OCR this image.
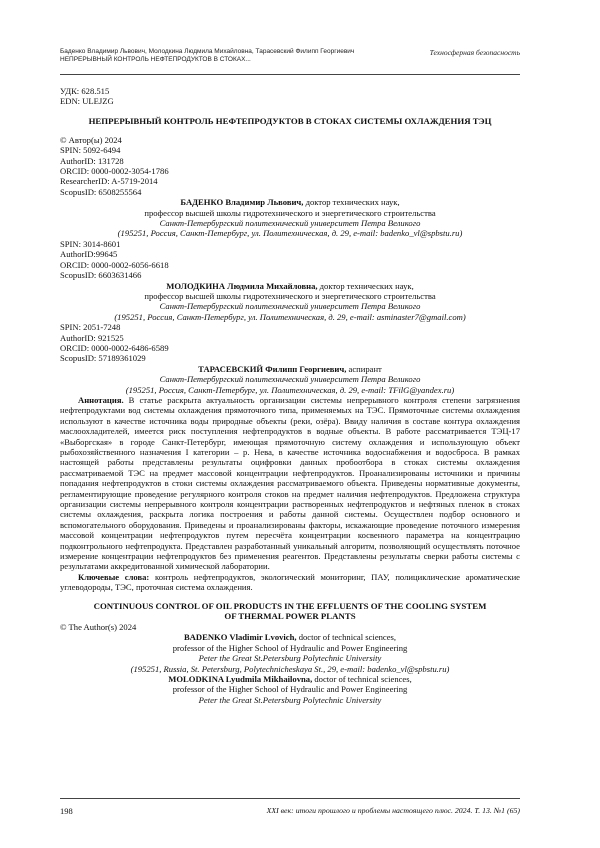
Баденко Владимир Львович, Молодкина Людмила Михайловна, Тарасевский Филипп Георгиевич
НЕПРЕРЫВНЫЙ КОНТРОЛЬ НЕФТЕПРОДУКТОВ В СТОКАХ...
Техносферная безопасность

УДК: 628.515

EDN: ULEJZG

НЕПРЕРЫВНЫЙ КОНТРОЛЬ НЕФТЕПРОДУКТОВ В СТОКАХ СИСТЕМЫ ОХЛАЖДЕНИЯ ТЭЦ

© Автор(ы) 2024

SPIN: 5092-6494

AuthorID: 131728

ORCID: 0000-0002-3054-1786

ResearcherID: A-5719-2014

ScopusID: 6508255564

БАДЕНКО Владимир Львович, доктор технических наук,

профессор высшей школы гидротехнического и энергетического строительства

Санкт-Петербургский политехнический университет Петра Великого

(195251, Россия, Санкт-Петербург, ул. Политехническая, д. 29, e-mail: badenko_vl@spbstu.ru)

SPIN: 3014-8601

AuthorID:99645

ORCID: 0000-0002-6056-6618

ScopusID: 6603631466

МОЛОДКИНА Людмила Михайловна, доктор технических наук,

профессор высшей школы гидротехнического и энергетического строительства

Санкт-Петербургский политехнический университет Петра Великого

(195251, Россия, Санкт-Петербург, ул. Политехническая, д. 29, e-mail: asminaster7@gmail.com)

SPIN: 2051-7248

AuthorID: 921525

ORCID: 0000-0002-6486-6589

ScopusID: 57189361029

ТАРАСЕВСКИЙ Филипп Георгиевич, аспирант

Санкт-Петербургский политехнический университет Петра Великого

(195251, Россия, Санкт-Петербург, ул. Политехническая, д. 29, e-mail: TFilG@yandex.ru)

Аннотация. В статье раскрыта актуальность организации системы непрерывного контроля степени загрязнения нефтепродуктами вод системы охлаждения прямоточного типа, применяемых на ТЭС. Прямоточные системы охлаждения используют в качестве источника воды природные объекты (реки, озёра). Ввиду наличия в составе контура охлаждения маслоохладителей, имеется риск поступления нефтепродуктов в водные объекты. В работе рассматривается ТЭЦ-17 «Выборгская» в городе Санкт-Петербург, имеющая прямоточную систему охлаждения и использующую объект рыбохозяйственного назначения I категории – р. Нева, в качестве источника водоснабжения и водосброса. В рамках настоящей работы представлены результаты оцифровки данных пробоотбора в стоках системы охлаждения рассматриваемой ТЭС на предмет массовой концентрации нефтепродуктов. Проанализированы источники и причины попадания нефтепродуктов в стоки системы охлаждения рассматриваемого объекта. Приведены нормативные документы, регламентирующие проведение регулярного контроля стоков на предмет наличия нефтепродуктов. Предложена структура организации системы непрерывного контроля концентрации растворенных нефтепродуктов и нефтяных пленок в стоках системы охлаждения, раскрыта логика построения и работы данной системы. Осуществлен подбор основного и вспомогательного оборудования. Приведены и проанализированы факторы, искажающие проведение поточного измерения массовой концентрации нефтепродуктов путем пересчёта концентрации косвенного параметра на концентрацию подконтрольного нефтепродукта. Представлен разработанный уникальный алгоритм, позволяющий осуществлять поточное измерение концентрации нефтепродуктов без применения реагентов. Представлены результаты сверки работы системы с результатами аккредитованной химической лаборатории.

Ключевые слова: контроль нефтепродуктов, экологический мониторинг, ПАУ, полициклические ароматические углеводороды, ТЭС, проточная система охлаждения.

CONTINUOUS CONTROL OF OIL PRODUCTS IN THE EFFLUENTS OF THE COOLING SYSTEM

OF THERMAL POWER PLANTS

© The Author(s) 2024

BADENKO Vladimir Lvovich, doctor of technical sciences,

professor of the Higher School of Hydraulic and Power Engineering

Peter the Great St.Petersburg Polytechnic University

(195251, Russia, St. Petersburg, Polytechnicheskaya St., 29, e-mail: badenko_vl@spbstu.ru)

MOLODKINA Lyudmila Mikhailovna, doctor of technical sciences,

professor of the Higher School of Hydraulic and Power Engineering

Peter the Great St.Petersburg Polytechnic University

198	XXI век: итоги прошлого и проблемы настоящего плюс. 2024. Т. 13. №1 (65)
